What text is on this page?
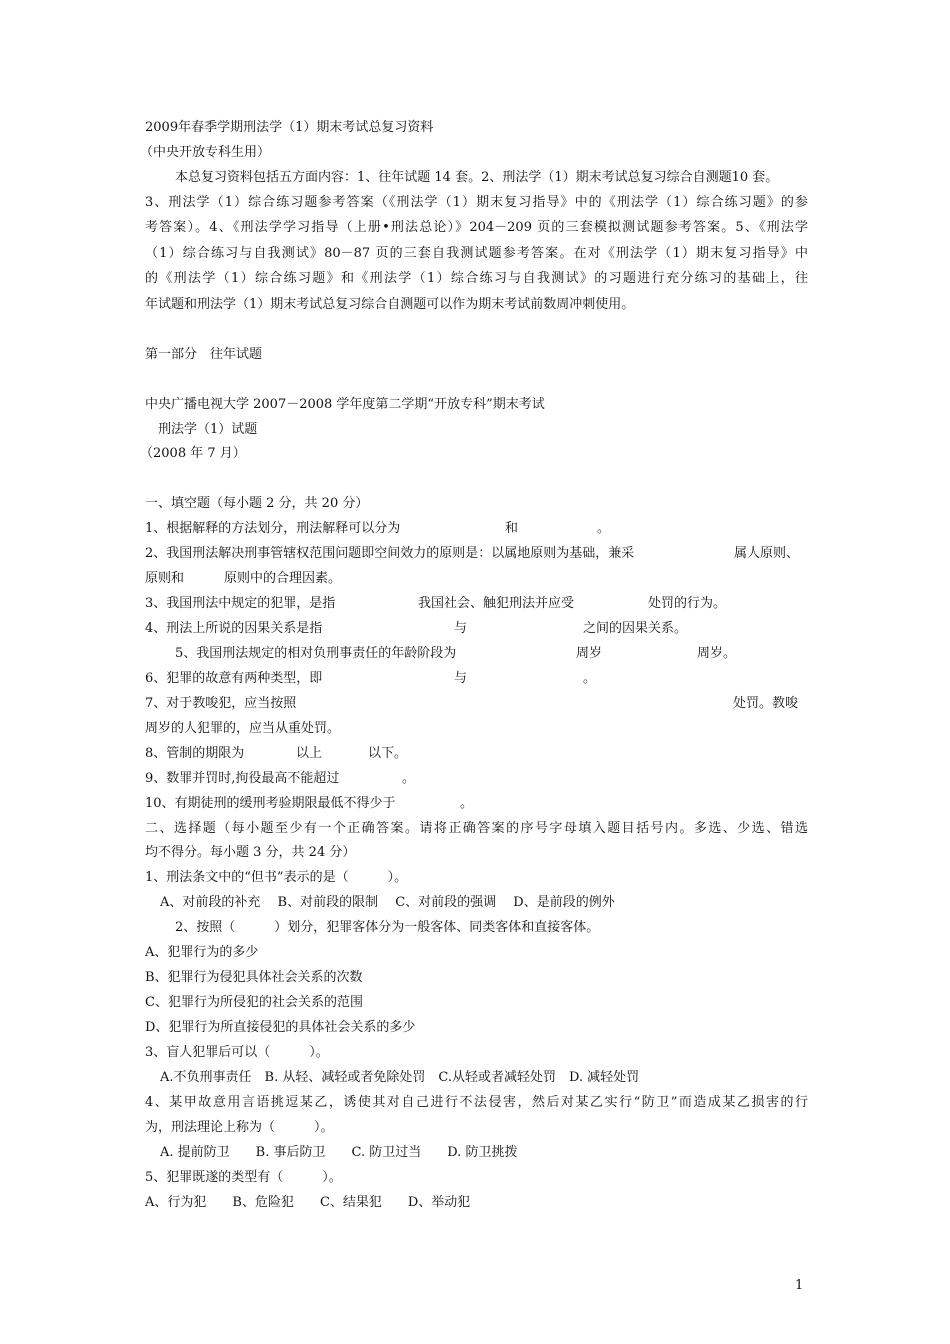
2009年春季学期刑法学（1）期末考试总复习资料
（中央开放专科生用）
本总复习资料包括五方面内容：1、往年试题 14 套。2、刑法学（1）期末考试总复习综合自测题10 套。
3、刑法学（1）综合练习题参考答案（《刑法学（1）期末复习指导》中的《刑法学（1）综合练习题》的参
考答案）。4、《刑法学学习指导（上册•刑法总论）》204－209 页的三套模拟测试题参考答案。5、《刑法学
（1）综合练习与自我测试》80－87 页的三套自我测试题参考答案。在对《刑法学（1）期末复习指导》中
的《刑法学（1）综合练习题》和《刑法学（1）综合练习与自我测试》的习题进行充分练习的基础上，往
年试题和刑法学（1）期末考试总复习综合自测题可以作为期末考试前数周冲刺使用。
第一部分　往年试题
中央广播电视大学 2007－2008 学年度第二学期“开放专科”期末考试
　刑法学（1）试题
（2008 年 7 月）
一、填空题（每小题 2 分，共 20 分）
1、根据解释的方法划分，刑法解释可以分为	和	。
2、我国刑法解决刑事管辖权范围问题即空间效力的原则是：以属地原则为基础，兼采	属人原则、
原则和	原则中的合理因素。
3、我国刑法中规定的犯罪，是指	我国社会、触犯刑法并应受	处罚的行为。
4、刑法上所说的因果关系是指	与	之间的因果关系。
5、我国刑法规定的相对负刑事责任的年龄阶段为	周岁	周岁。
6、犯罪的故意有两种类型，即	与	。
7、对于教唆犯，应当按照	处罚。教唆
周岁的人犯罪的，应当从重处罚。
8、管制的期限为	以上	以下。
9、数罪并罚时,拘役最高不能超过	。
10、有期徒刑的缓刑考验期限最低不得少于	。
二、选择题（每小题至少有一个正确答案。请将正确答案的序号字母填入题目括号内。多选、少选、错选
均不得分。每小题 3 分，共 24 分）
1、刑法条文中的“但书”表示的是（　　　）。
A、对前段的补充　 B、对前段的限制　 C、对前段的强调　 D、是前段的例外
2、按照（　　　）划分，犯罪客体分为一般客体、同类客体和直接客体。
A、犯罪行为的多少
B、犯罪行为侵犯具体社会关系的次数
C、犯罪行为所侵犯的社会关系的范围
D、犯罪行为所直接侵犯的具体社会关系的多少
3、盲人犯罪后可以（　　　）。
A.不负刑事责任　B. 从轻、减轻或者免除处罚　C.从轻或者减轻处罚　D. 减轻处罚
4、某甲故意用言语挑逗某乙，诱使其对自己进行不法侵害，然后对某乙实行“防卫”而造成某乙损害的行
为，刑法理论上称为（　　　）。
A. 提前防卫　　B. 事后防卫　　C. 防卫过当　　D. 防卫挑拨
5、犯罪既遂的类型有（　　　）。
A、行为犯　　B、危险犯　　C、结果犯　　D、举动犯
1
